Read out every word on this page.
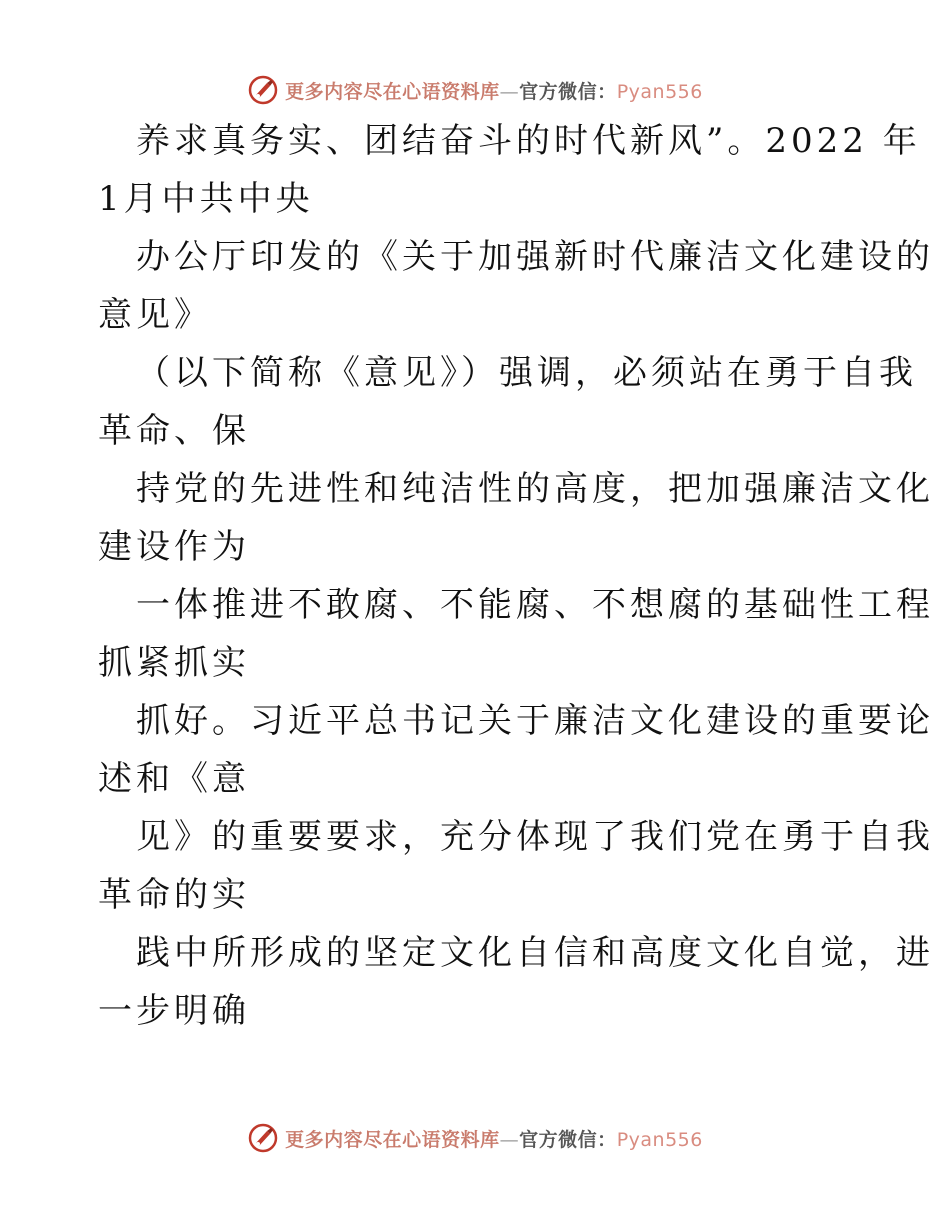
更多内容尽在心语资料库—官方微信：Pyan556
养求真务实、团结奋斗的时代新风”。2022 年
1月中共中央
办公厅印发的《关于加强新时代廉洁文化建设的
意见》
（以下简称《意见》）强调，必须站在勇于自我
革命、保
持党的先进性和纯洁性的高度，把加强廉洁文化
建设作为
一体推进不敢腐、不能腐、不想腐的基础性工程
抓紧抓实
抓好。习近平总书记关于廉洁文化建设的重要论
述和《意
见》的重要要求，充分体现了我们党在勇于自我
革命的实
践中所形成的坚定文化自信和高度文化自觉，进
一步明确
更多内容尽在心语资料库—官方微信：Pyan556
